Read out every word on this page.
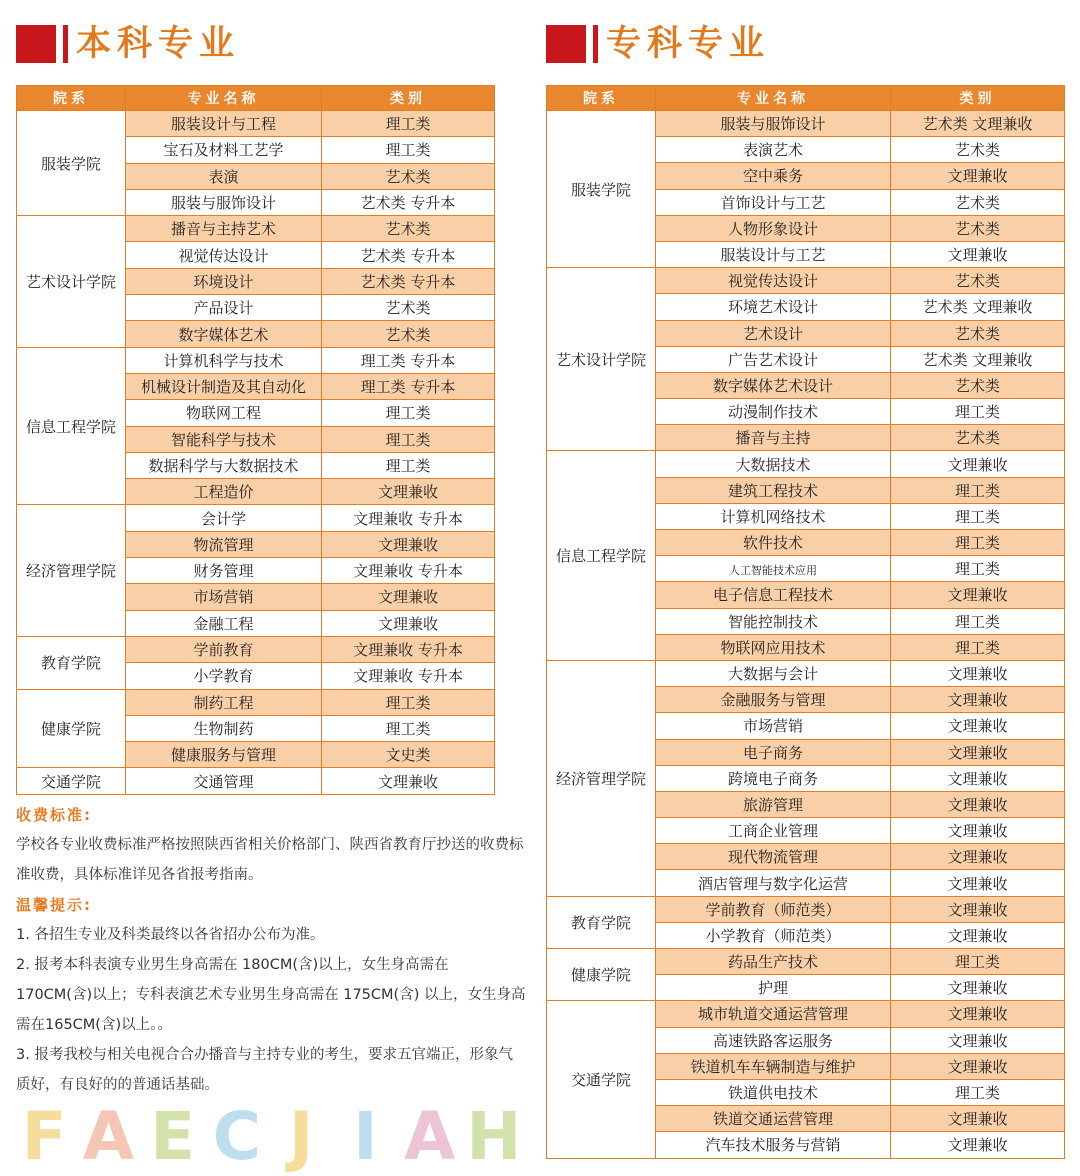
本科专业	专科专业
院系	专业名称	类别
服装学院	服装设计与工程	理工类
	宝石及材料工艺学	理工类
	表演	艺术类
	服装与服饰设计	艺术类 专升本
艺术设计学院	播音与主持艺术	艺术类
	视觉传达设计	艺术类 专升本
	环境设计	艺术类 专升本
	产品设计	艺术类
	数字媒体艺术	艺术类
信息工程学院	计算机科学与技术	理工类 专升本
	机械设计制造及其自动化	理工类 专升本
	物联网工程	理工类
	智能科学与技术	理工类
	数据科学与大数据技术	理工类
	工程造价	文理兼收
经济管理学院	会计学	文理兼收 专升本
	物流管理	文理兼收
	财务管理	文理兼收 专升本
	市场营销	文理兼收
	金融工程	文理兼收
教育学院	学前教育	文理兼收 专升本
	小学教育	文理兼收 专升本
健康学院	制药工程	理工类
	生物制药	理工类
	健康服务与管理	文史类
交通学院	交通管理	文理兼收
院系	专业名称	类别
服装学院	服装与服饰设计	艺术类 文理兼收
	表演艺术	艺术类
	空中乘务	文理兼收
	首饰设计与工艺	艺术类
	人物形象设计	艺术类
	服装设计与工艺	文理兼收
艺术设计学院	视觉传达设计	艺术类
	环境艺术设计	艺术类 文理兼收
	艺术设计	艺术类
	广告艺术设计	艺术类 文理兼收
	数字媒体艺术设计	艺术类
	动漫制作技术	理工类
	播音与主持	艺术类
信息工程学院	大数据技术	文理兼收
	建筑工程技术	理工类
	计算机网络技术	理工类
	软件技术	理工类
	人工智能技术应用	理工类
	电子信息工程技术	文理兼收
	智能控制技术	理工类
	物联网应用技术	理工类
经济管理学院	大数据与会计	文理兼收
	金融服务与管理	文理兼收
	市场营销	文理兼收
	电子商务	文理兼收
	跨境电子商务	文理兼收
	旅游管理	文理兼收
	工商企业管理	文理兼收
	现代物流管理	文理兼收
	酒店管理与数字化运营	文理兼收
教育学院	学前教育（师范类）	文理兼收
	小学教育（师范类）	文理兼收
健康学院	药品生产技术	理工类
	护理	文理兼收
交通学院	城市轨道交通运营管理	文理兼收
	高速铁路客运服务	文理兼收
	铁道机车车辆制造与维护	文理兼收
	铁道供电技术	理工类
	铁道交通运营管理	文理兼收
	汽车技术服务与营销	文理兼收

收费标准:

学校各专业收费标准严格按照陕西省相关价格部门、陕西省教育厅抄送的收费标准收费，具体标准详见各省报考指南。

温馨提示:

1. 各招生专业及科类最终以各省招办公布为准。

2. 报考本科表演专业男生身高需在 180CM(含)以上，女生身高需在 170CM(含)以上；专科表演艺术专业男生身高需在 175CM(含) 以上，女生身高需在165CM(含)以上。。

3. 报考我校与相关电视合合办播音与主持专业的考生，要求五官端正，形象气质好，有良好的的普通话基础。

F A E C J I A H
